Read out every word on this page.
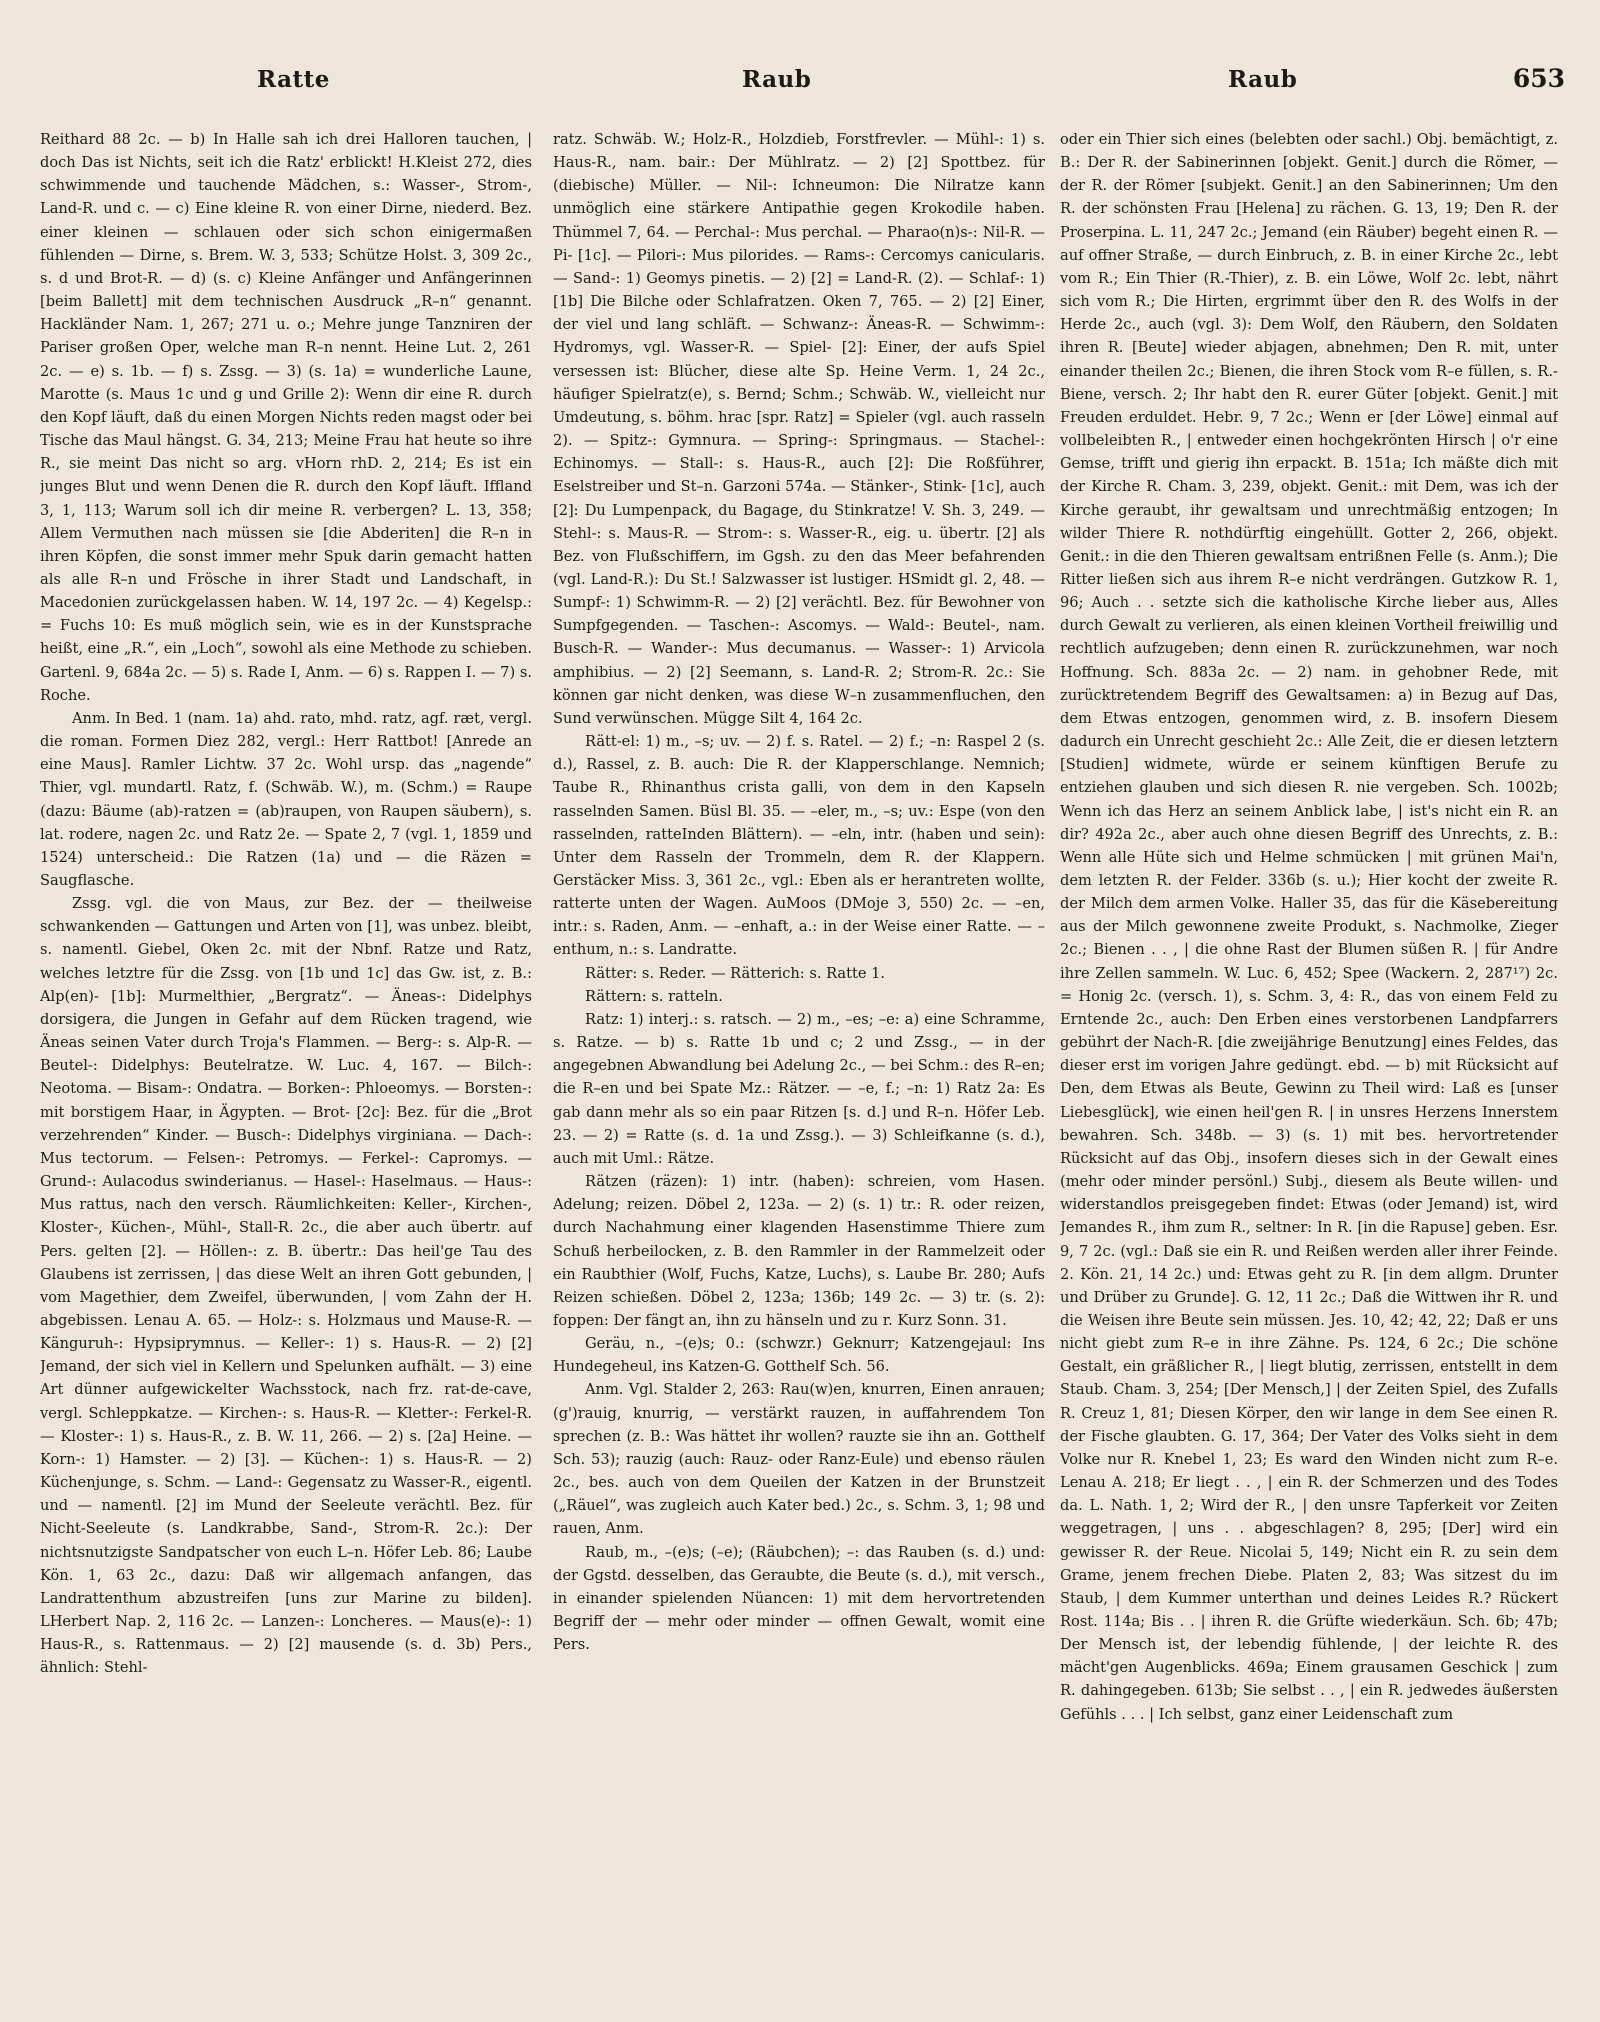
Ratte	Raub	Raub	653

Reithard 88 2c. — b) In Halle sah ich drei Halloren tauchen, | doch Das ist Nichts, seit ich die Ratz' erblickt! H.Kleist 272, dies schwimmende und tauchende Mädchen, s.: Wasser-, Strom-, Land-R. und c. — c) Eine kleine R. von einer Dirne, niederd. Bez. einer kleinen — schlauen oder sich schon einigermaßen fühlenden — Dirne, s. Brem. W. 3, 533; Schütze Holst. 3, 309 2c., s. d und Brot-R. — d) (s. c) Kleine Anfänger und Anfängerinnen [beim Ballett] mit dem technischen Ausdruck „R–n“ genannt. Hackländer Nam. 1, 267; 271 u. o.; Mehre junge Tanzniren der Pariser großen Oper, welche man R–n nennt. Heine Lut. 2, 261 2c. — e) s. 1b. — f) s. Zssg. — 3) (s. 1a) = wunderliche Laune, Marotte (s. Maus 1c und g und Grille 2): Wenn dir eine R. durch den Kopf läuft, daß du einen Morgen Nichts reden magst oder bei Tische das Maul hängst. G. 34, 213; Meine Frau hat heute so ihre R., sie meint Das nicht so arg. vHorn rhD. 2, 214; Es ist ein junges Blut und wenn Denen die R. durch den Kopf läuft. Iffland 3, 1, 113; Warum soll ich dir meine R. verbergen? L. 13, 358; Allem Vermuthen nach müssen sie [die Abderiten] die R–n in ihren Köpfen, die sonst immer mehr Spuk darin gemacht hatten als alle R–n und Frösche in ihrer Stadt und Landschaft, in Macedonien zurückgelassen haben. W. 14, 197 2c. — 4) Kegelsp.: = Fuchs 10: Es muß möglich sein, wie es in der Kunstsprache heißt, eine „R.“, ein „Loch“, sowohl als eine Methode zu schieben. Gartenl. 9, 684a 2c. — 5) s. Rade I, Anm. — 6) s. Rappen I. — 7) s. Roche.

Anm. In Bed. 1 (nam. 1a) ahd. rato, mhd. ratz, agf. ræt, vergl. die roman. Formen Diez 282, vergl.: Herr Rattbot! [Anrede an eine Maus]. Ramler Lichtw. 37 2c. Wohl ursp. das „nagende“ Thier, vgl. mundartl. Ratz, f. (Schwäb. W.), m. (Schm.) = Raupe (dazu: Bäume (ab)-ratzen = (ab)raupen, von Raupen säubern), s. lat. rodere, nagen 2c. und Ratz 2e. — Spate 2, 7 (vgl. 1, 1859 und 1524) unterscheid.: Die Ratzen (1a) und — die Räzen = Saugflasche.

Zssg. vgl. die von Maus, zur Bez. der — theilweise schwankenden — Gattungen und Arten von [1], was unbez. bleibt, s. namentl. Giebel, Oken 2c. mit der Nbnf. Ratze und Ratz, welches letztre für die Zssg. von [1b und 1c] das Gw. ist, z. B.: Alp(en)- [1b]: Murmelthier, „Bergratz“. — Äneas-: Didelphys dorsigera, die Jungen in Gefahr auf dem Rücken tragend, wie Äneas seinen Vater durch Troja's Flammen. — Berg-: s. Alp-R. — Beutel-: Didelphys: Beutelratze. W. Luc. 4, 167. — Bilch-: Neotoma. — Bisam-: Ondatra. — Borken-: Phloeomys. — Borsten-: mit borstigem Haar, in Ägypten. — Brot- [2c]: Bez. für die „Brot verzehrenden“ Kinder. — Busch-: Didelphys virginiana. — Dach-: Mus tectorum. — Felsen-: Petromys. — Ferkel-: Capromys. — Grund-: Aulacodus swinderianus. — Hasel-: Haselmaus. — Haus-: Mus rattus, nach den versch. Räumlichkeiten: Keller-, Kirchen-, Kloster-, Küchen-, Mühl-, Stall-R. 2c., die aber auch übertr. auf Pers. gelten [2]. — Höllen-: z. B. übertr.: Das heil'ge Tau des Glaubens ist zerrissen, | das diese Welt an ihren Gott gebunden, | vom Magethier, dem Zweifel, überwunden, | vom Zahn der H. abgebissen. Lenau A. 65. — Holz-: s. Holzmaus und Mause-R. — Känguruh-: Hypsiprymnus. — Keller-: 1) s. Haus-R. — 2) [2] Jemand, der sich viel in Kellern und Spelunken aufhält. — 3) eine Art dünner aufgewickelter Wachsstock, nach frz. rat-de-cave, vergl. Schleppkatze. — Kirchen-: s. Haus-R. — Kletter-: Ferkel-R. — Kloster-: 1) s. Haus-R., z. B. W. 11, 266. — 2) s. [2a] Heine. — Korn-: 1) Hamster. — 2) [3]. — Küchen-: 1) s. Haus-R. — 2) Küchenjunge, s. Schm. — Land-: Gegensatz zu Wasser-R., eigentl. und — namentl. [2] im Mund der Seeleute verächtl. Bez. für Nicht-Seeleute (s. Landkrabbe, Sand-, Strom-R. 2c.): Der nichtsnutzigste Sandpatscher von euch L–n. Höfer Leb. 86; Laube Kön. 1, 63 2c., dazu: Daß wir allgemach anfangen, das Landrattenthum abzustreifen [uns zur Marine zu bilden]. LHerbert Nap. 2, 116 2c. — Lanzen-: Loncheres. — Maus(e)-: 1) Haus-R., s. Rattenmaus. — 2) [2] mausende (s. d. 3b) Pers., ähnlich: Stehl-

ratz. Schwäb. W.; Holz-R., Holzdieb, Forstfrevler. — Mühl-: 1) s. Haus-R., nam. bair.: Der Mühlratz. — 2) [2] Spottbez. für (diebische) Müller. — Nil-: Ichneumon: Die Nilratze kann unmöglich eine stärkere Antipathie gegen Krokodile haben. Thümmel 7, 64. — Perchal-: Mus perchal. — Pharao(n)s-: Nil-R. — Pi- [1c]. — Pilori-: Mus pilorides. — Rams-: Cercomys canicularis. — Sand-: 1) Geomys pinetis. — 2) [2] = Land-R. (2). — Schlaf-: 1) [1b] Die Bilche oder Schlafratzen. Oken 7, 765. — 2) [2] Einer, der viel und lang schläft. — Schwanz-: Äneas-R. — Schwimm-: Hydromys, vgl. Wasser-R. — Spiel- [2]: Einer, der aufs Spiel versessen ist: Blücher, diese alte Sp. Heine Verm. 1, 24 2c., häufiger Spielratz(e), s. Bernd; Schm.; Schwäb. W., vielleicht nur Umdeutung, s. böhm. hrac [spr. Ratz] = Spieler (vgl. auch rasseln 2). — Spitz-: Gymnura. — Spring-: Springmaus. — Stachel-: Echinomys. — Stall-: s. Haus-R., auch [2]: Die Roßführer, Eselstreiber und St–n. Garzoni 574a. — Stänker-, Stink- [1c], auch [2]: Du Lumpenpack, du Bagage, du Stinkratze! V. Sh. 3, 249. — Stehl-: s. Maus-R. — Strom-: s. Wasser-R., eig. u. übertr. [2] als Bez. von Flußschiffern, im Ggsh. zu den das Meer befahrenden (vgl. Land-R.): Du St.! Salzwasser ist lustiger. HSmidt gl. 2, 48. — Sumpf-: 1) Schwimm-R. — 2) [2] verächtl. Bez. für Bewohner von Sumpfgegenden. — Taschen-: Ascomys. — Wald-: Beutel-, nam. Busch-R. — Wander-: Mus decumanus. — Wasser-: 1) Arvicola amphibius. — 2) [2] Seemann, s. Land-R. 2; Strom-R. 2c.: Sie können gar nicht denken, was diese W–n zusammenfluchen, den Sund verwünschen. Mügge Silt 4, 164 2c.

Rätt-el: 1) m., –s; uv. — 2) f. s. Ratel. — 2) f.; –n: Raspel 2 (s. d.), Rassel, z. B. auch: Die R. der Klapperschlange. Nemnich; Taube R., Rhinanthus crista galli, von dem in den Kapseln rasselnden Samen. Büsl Bl. 35. — –eler, m., –s; uv.: Espe (von den rasselnden, ratteInden Blättern). — –eln, intr. (haben und sein): Unter dem Rasseln der Trommeln, dem R. der Klappern. Gerstäcker Miss. 3, 361 2c., vgl.: Eben als er herantreten wollte, ratterte unten der Wagen. AuMoos (DMoje 3, 550) 2c. — –en, intr.: s. Raden, Anm. — –enhaft, a.: in der Weise einer Ratte. — –enthum, n.: s. Landratte.

Rätter: s. Reder. — Rätterich: s. Ratte 1.

Rättern: s. ratteln.

Ratz: 1) interj.: s. ratsch. — 2) m., –es; –e: a) eine Schramme, s. Ratze. — b) s. Ratte 1b und c; 2 und Zssg., — in der angegebnen Abwandlung bei Adelung 2c., — bei Schm.: des R–en; die R–en und bei Spate Mz.: Rätzer. — –e, f.; –n: 1) Ratz 2a: Es gab dann mehr als so ein paar Ritzen [s. d.] und R–n. Höfer Leb. 23. — 2) = Ratte (s. d. 1a und Zssg.). — 3) Schleifkanne (s. d.), auch mit Uml.: Rätze.

Rätzen (räzen): 1) intr. (haben): schreien, vom Hasen. Adelung; reizen. Döbel 2, 123a. — 2) (s. 1) tr.: R. oder reizen, durch Nachahmung einer klagenden Hasenstimme Thiere zum Schuß herbeilocken, z. B. den Rammler in der Rammelzeit oder ein Raubthier (Wolf, Fuchs, Katze, Luchs), s. Laube Br. 280; Aufs Reizen schießen. Döbel 2, 123a; 136b; 149 2c. — 3) tr. (s. 2): foppen: Der fängt an, ihn zu hänseln und zu r. Kurz Sonn. 31.

Geräu, n., –(e)s; 0.: (schwzr.) Geknurr; Katzengejaul: Ins Hundegeheul, ins Katzen-G. Gotthelf Sch. 56.

Anm. Vgl. Stalder 2, 263: Rau(w)en, knurren, Einen anrauen; (g')rauig, knurrig, — verstärkt rauzen, in auffahrendem Ton sprechen (z. B.: Was hättet ihr wollen? rauzte sie ihn an. Gotthelf Sch. 53); rauzig (auch: Rauz- oder Ranz-Eule) und ebenso räulen 2c., bes. auch von dem Queilen der Katzen in der Brunstzeit („Räuel“, was zugleich auch Kater bed.) 2c., s. Schm. 3, 1; 98 und rauen, Anm.

Raub, m., –(e)s; (–e); (Räubchen); –: das Rauben (s. d.) und: der Ggstd. desselben, das Geraubte, die Beute (s. d.), mit versch., in einander spielenden Nüancen: 1) mit dem hervortretenden Begriff der — mehr oder minder — offnen Gewalt, womit eine Pers.

oder ein Thier sich eines (belebten oder sachl.) Obj. bemächtigt, z. B.: Der R. der Sabinerinnen [objekt. Genit.] durch die Römer, — der R. der Römer [subjekt. Genit.] an den Sabinerinnen; Um den R. der schönsten Frau [Helena] zu rächen. G. 13, 19; Den R. der Proserpina. L. 11, 247 2c.; Jemand (ein Räuber) begeht einen R. — auf offner Straße, — durch Einbruch, z. B. in einer Kirche 2c., lebt vom R.; Ein Thier (R.-Thier), z. B. ein Löwe, Wolf 2c. lebt, nährt sich vom R.; Die Hirten, ergrimmt über den R. des Wolfs in der Herde 2c., auch (vgl. 3): Dem Wolf, den Räubern, den Soldaten ihren R. [Beute] wieder abjagen, abnehmen; Den R. mit, unter einander theilen 2c.; Bienen, die ihren Stock vom R–e füllen, s. R.-Biene, versch. 2; Ihr habt den R. eurer Güter [objekt. Genit.] mit Freuden erduldet. Hebr. 9, 7 2c.; Wenn er [der Löwe] einmal auf vollbeleibten R., | entweder einen hochgekrönten Hirsch | o'r eine Gemse, trifft und gierig ihn erpackt. B. 151a; Ich mäßte dich mit der Kirche R. Cham. 3, 239, objekt. Genit.: mit Dem, was ich der Kirche geraubt, ihr gewaltsam und unrechtmäßig entzogen; In wilder Thiere R. nothdürftig eingehüllt. Gotter 2, 266, objekt. Genit.: in die den Thieren gewaltsam entrißnen Felle (s. Anm.); Die Ritter ließen sich aus ihrem R–e nicht verdrängen. Gutzkow R. 1, 96; Auch . . setzte sich die katholische Kirche lieber aus, Alles durch Gewalt zu verlieren, als einen kleinen Vortheil freiwillig und rechtlich aufzugeben; denn einen R. zurückzunehmen, war noch Hoffnung. Sch. 883a 2c. — 2) nam. in gehobner Rede, mit zurücktretendem Begriff des Gewaltsamen: a) in Bezug auf Das, dem Etwas entzogen, genommen wird, z. B. insofern Diesem dadurch ein Unrecht geschieht 2c.: Alle Zeit, die er diesen letztern [Studien] widmete, würde er seinem künftigen Berufe zu entziehen glauben und sich diesen R. nie vergeben. Sch. 1002b; Wenn ich das Herz an seinem Anblick labe, | ist's nicht ein R. an dir? 492a 2c., aber auch ohne diesen Begriff des Unrechts, z. B.: Wenn alle Hüte sich und Helme schmücken | mit grünen Mai'n, dem letzten R. der Felder. 336b (s. u.); Hier kocht der zweite R. der Milch dem armen Volke. Haller 35, das für die Käsebereitung aus der Milch gewonnene zweite Produkt, s. Nachmolke, Zieger 2c.; Bienen . . , | die ohne Rast der Blumen süßen R. | für Andre ihre Zellen sammeln. W. Luc. 6, 452; Spee (Wackern. 2, 287¹⁷) 2c. = Honig 2c. (versch. 1), s. Schm. 3, 4: R., das von einem Feld zu Erntende 2c., auch: Den Erben eines verstorbenen Landpfarrers gebührt der Nach-R. [die zweijährige Benutzung] eines Feldes, das dieser erst im vorigen Jahre gedüngt. ebd. — b) mit Rücksicht auf Den, dem Etwas als Beute, Gewinn zu Theil wird: Laß es [unser Liebesglück], wie einen heil'gen R. | in unsres Herzens Innerstem bewahren. Sch. 348b. — 3) (s. 1) mit bes. hervortretender Rücksicht auf das Obj., insofern dieses sich in der Gewalt eines (mehr oder minder persönl.) Subj., diesem als Beute willen- und widerstandlos preisgegeben findet: Etwas (oder Jemand) ist, wird Jemandes R., ihm zum R., seltner: In R. [in die Rapuse] geben. Esr. 9, 7 2c. (vgl.: Daß sie ein R. und Reißen werden aller ihrer Feinde. 2. Kön. 21, 14 2c.) und: Etwas geht zu R. [in dem allgm. Drunter und Drüber zu Grunde]. G. 12, 11 2c.; Daß die Wittwen ihr R. und die Weisen ihre Beute sein müssen. Jes. 10, 42; 42, 22; Daß er uns nicht giebt zum R–e in ihre Zähne. Ps. 124, 6 2c.; Die schöne Gestalt, ein gräßlicher R., | liegt blutig, zerrissen, entstellt in dem Staub. Cham. 3, 254; [Der Mensch,] | der Zeiten Spiel, des Zufalls R. Creuz 1, 81; Diesen Körper, den wir lange in dem See einen R. der Fische glaubten. G. 17, 364; Der Vater des Volks sieht in dem Volke nur R. Knebel 1, 23; Es ward den Winden nicht zum R–e. Lenau A. 218; Er liegt . . , | ein R. der Schmerzen und des Todes da. L. Nath. 1, 2; Wird der R., | den unsre Tapferkeit vor Zeiten weggetragen, | uns . . abgeschlagen? 8, 295; [Der] wird ein gewisser R. der Reue. Nicolai 5, 149; Nicht ein R. zu sein dem Grame, jenem frechen Diebe. Platen 2, 83; Was sitzest du im Staub, | dem Kummer unterthan und deines Leides R.? Rückert Rost. 114a; Bis . . | ihren R. die Grüfte wiederkäun. Sch. 6b; 47b; Der Mensch ist, der lebendig fühlende, | der leichte R. des mächt'gen Augenblicks. 469a; Einem grausamen Geschick | zum R. dahingegeben. 613b; Sie selbst . . , | ein R. jedwedes äußersten Gefühls . . . | Ich selbst, ganz einer Leidenschaft zum
